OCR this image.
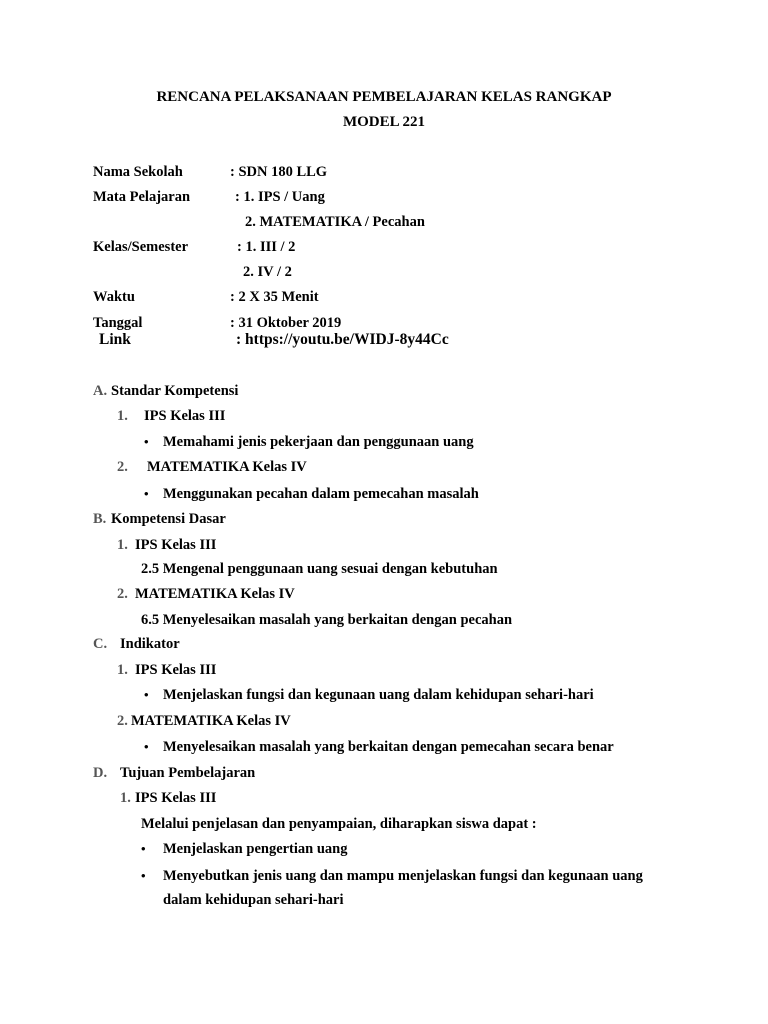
RENCANA PELAKSANAAN PEMBELAJARAN KELAS RANGKAP
MODEL 221
Nama Sekolah	: SDN 180 LLG
Mata Pelajaran	: 1. IPS / Uang
2. MATEMATIKA / Pecahan
Kelas/Semester	: 1. III / 2
2. IV / 2
Waktu	: 2 X 35 Menit
Tanggal	: 31 Oktober 2019
Link	: https://youtu.be/WIDJ-8y44Cc
A. Standar Kompetensi
1. IPS Kelas III
• Memahami jenis pekerjaan dan penggunaan uang
2. MATEMATIKA Kelas IV
• Menggunakan pecahan dalam pemecahan masalah
B. Kompetensi Dasar
1. IPS Kelas III
2.5 Mengenal penggunaan uang sesuai dengan kebutuhan
2. MATEMATIKA Kelas IV
6.5 Menyelesaikan masalah yang berkaitan dengan pecahan
C. Indikator
1. IPS Kelas III
• Menjelaskan fungsi dan kegunaan uang dalam kehidupan sehari-hari
2. MATEMATIKA Kelas IV
• Menyelesaikan masalah yang berkaitan dengan pemecahan secara benar
D. Tujuan Pembelajaran
1. IPS Kelas III
Melalui penjelasan dan penyampaian, diharapkan siswa dapat :
• Menjelaskan pengertian uang
• Menyebutkan jenis uang dan mampu menjelaskan fungsi dan kegunaan uang
dalam kehidupan sehari-hari
